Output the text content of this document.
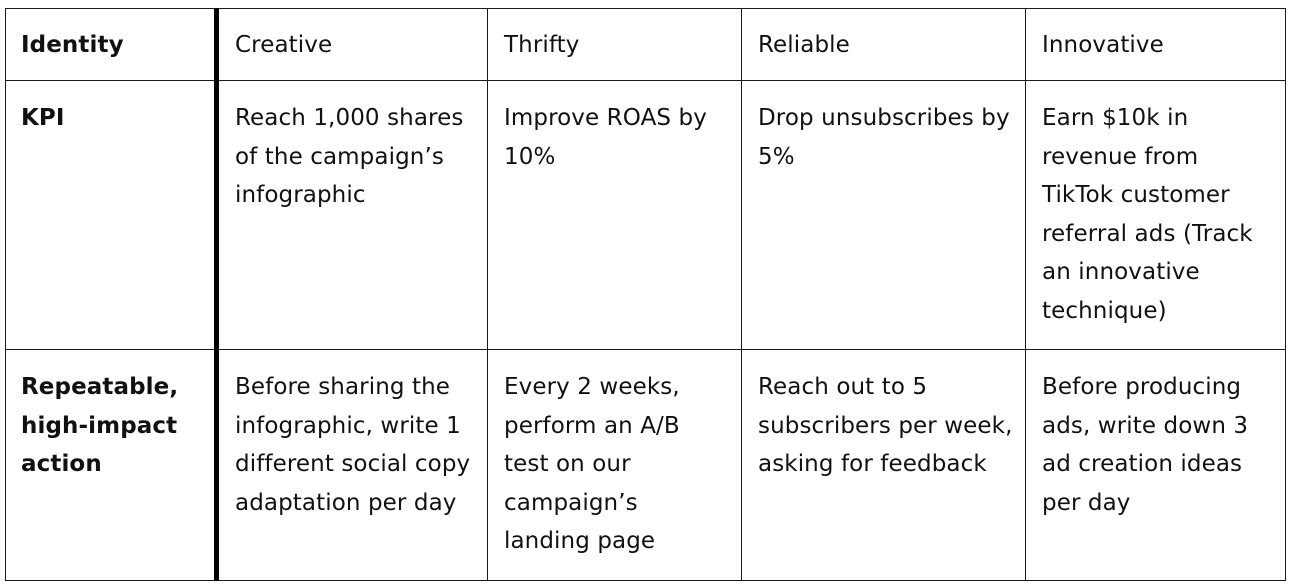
Identity	Creative	Thrifty	Reliable	Innovative
KPI	Reach 1,000 shares of the campaign’s infographic	Improve ROAS by 10%	Drop unsubscribes by 5%	Earn $10k in revenue from TikTok customer referral ads (Track an innovative technique)
Repeatable, high-impact action	Before sharing the infographic, write 1 different social copy adaptation per day	Every 2 weeks, perform an A/B test on our campaign’s landing page	Reach out to 5 subscribers per week, asking for feedback	Before producing ads, write down 3 ad creation ideas per day
